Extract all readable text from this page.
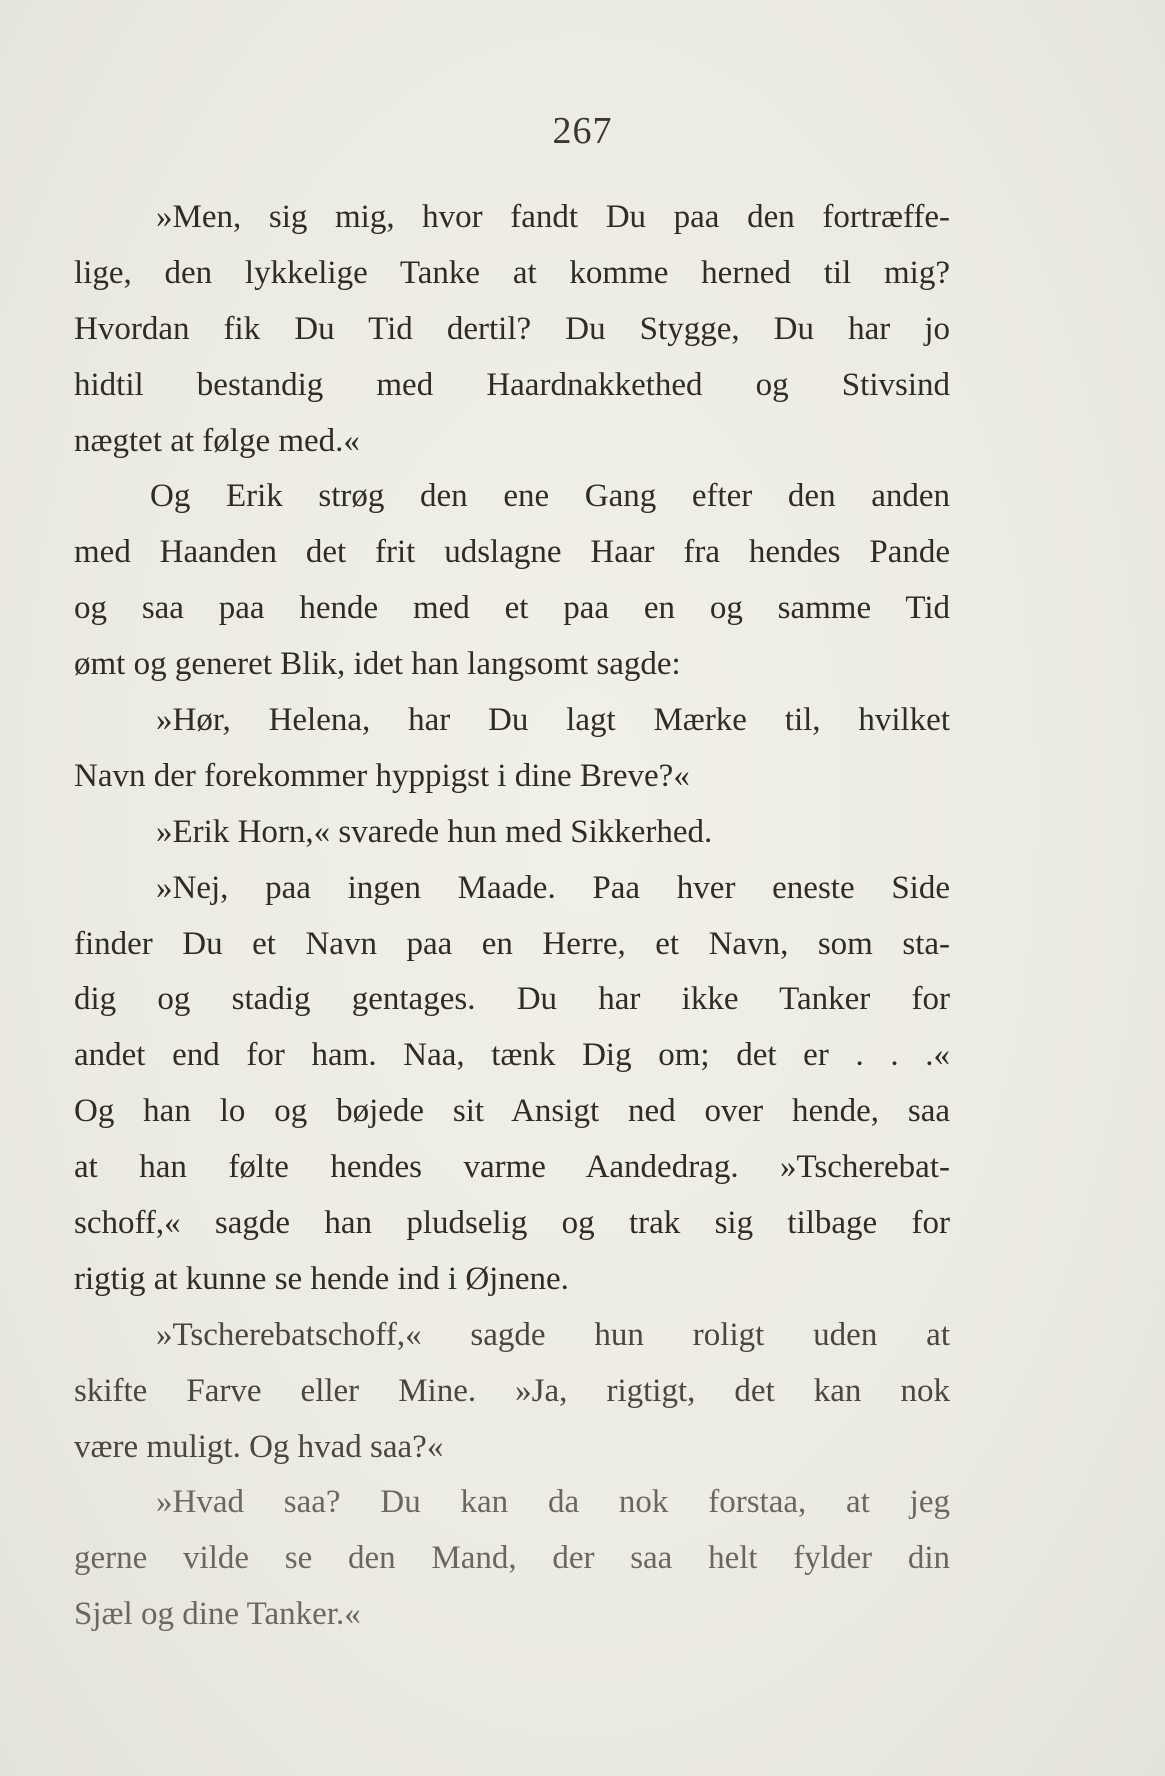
267
»Men, sig mig, hvor fandt Du paa den fortræffe-
lige, den lykkelige Tanke at komme herned til mig?
Hvordan fik Du Tid dertil? Du Stygge, Du har jo
hidtil bestandig med Haardnakkethed og Stivsind
nægtet at følge med.«
Og Erik strøg den ene Gang efter den anden
med Haanden det frit udslagne Haar fra hendes Pande
og saa paa hende med et paa en og samme Tid
ømt og generet Blik, idet han langsomt sagde:
»Hør, Helena, har Du lagt Mærke til, hvilket
Navn der forekommer hyppigst i dine Breve?«
»Erik Horn,« svarede hun med Sikkerhed.
»Nej, paa ingen Maade. Paa hver eneste Side
finder Du et Navn paa en Herre, et Navn, som sta-
dig og stadig gentages. Du har ikke Tanker for
andet end for ham. Naa, tænk Dig om; det er . . .«
Og han lo og bøjede sit Ansigt ned over hende, saa
at han følte hendes varme Aandedrag. »Tscherebat-
schoff,« sagde han pludselig og trak sig tilbage for
rigtig at kunne se hende ind i Øjnene.
»Tscherebatschoff,« sagde hun roligt uden at
skifte Farve eller Mine. »Ja, rigtigt, det kan nok
være muligt. Og hvad saa?«
»Hvad saa? Du kan da nok forstaa, at jeg
gerne vilde se den Mand, der saa helt fylder din
Sjæl og dine Tanker.«
